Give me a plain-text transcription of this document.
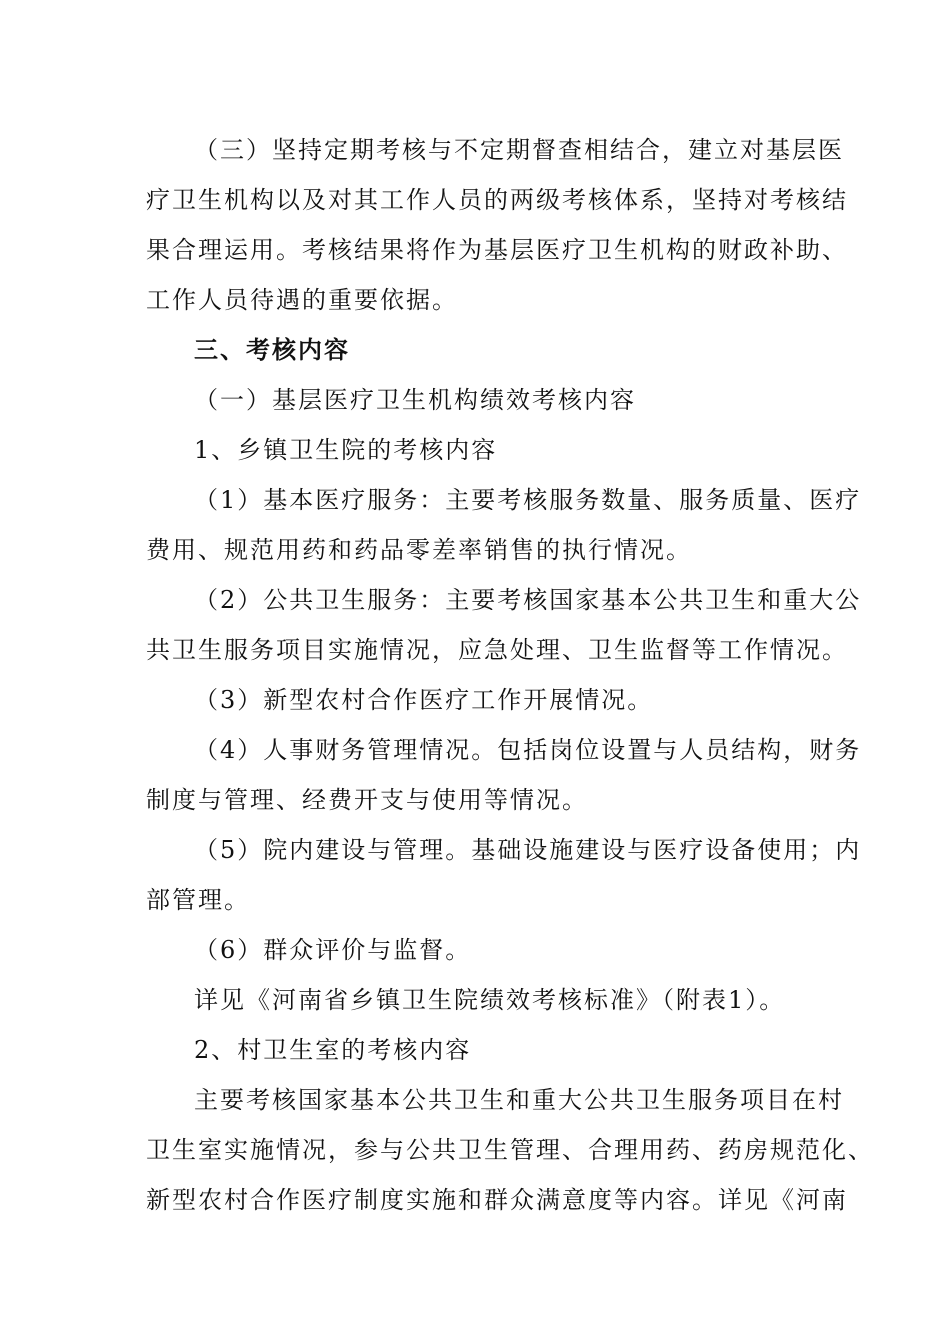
（三）坚持定期考核与不定期督查相结合，建立对基层医
疗卫生机构以及对其工作人员的两级考核体系，坚持对考核结
果合理运用。考核结果将作为基层医疗卫生机构的财政补助、
工作人员待遇的重要依据。
三、考核内容
（一）基层医疗卫生机构绩效考核内容
1、乡镇卫生院的考核内容
（1）基本医疗服务：主要考核服务数量、服务质量、医疗
费用、规范用药和药品零差率销售的执行情况。
（2）公共卫生服务：主要考核国家基本公共卫生和重大公
共卫生服务项目实施情况，应急处理、卫生监督等工作情况。
（3）新型农村合作医疗工作开展情况。
（4）人事财务管理情况。包括岗位设置与人员结构，财务
制度与管理、经费开支与使用等情况。
（5）院内建设与管理。基础设施建设与医疗设备使用；内
部管理。
（6）群众评价与监督。
详见《河南省乡镇卫生院绩效考核标准》（附表1）。
2、村卫生室的考核内容
主要考核国家基本公共卫生和重大公共卫生服务项目在村
卫生室实施情况，参与公共卫生管理、合理用药、药房规范化、
新型农村合作医疗制度实施和群众满意度等内容。详见《河南
